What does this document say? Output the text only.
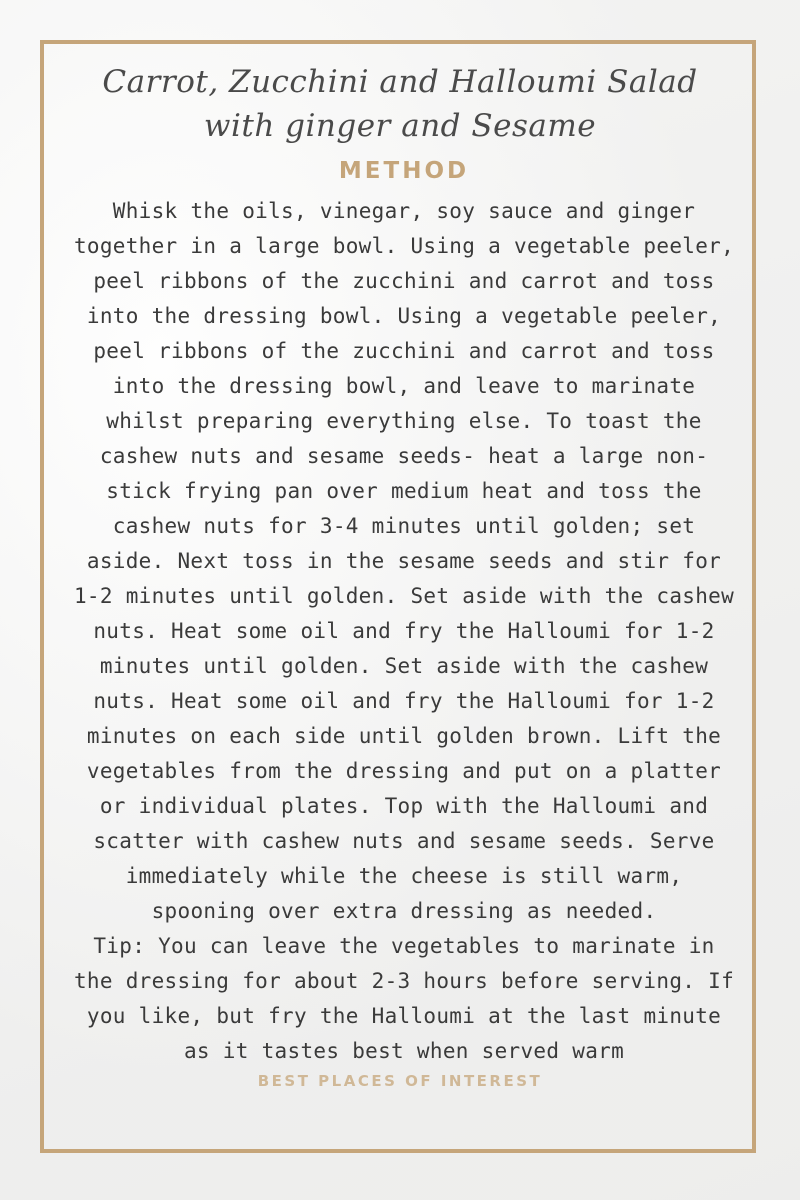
Carrot, Zucchini and Halloumi Salad
with ginger and Sesame
METHOD

Whisk the oils, vinegar, soy sauce and ginger together in a large bowl. Using a vegetable peeler, peel ribbons of the zucchini and carrot and toss into the dressing bowl. Using a vegetable peeler, peel ribbons of the zucchini and carrot and toss into the dressing bowl, and leave to marinate whilst preparing everything else. To toast the cashew nuts and sesame seeds- heat a large non-stick frying pan over medium heat and toss the cashew nuts for 3-4 minutes until golden; set aside. Next toss in the sesame seeds and stir for 1-2 minutes until golden. Set aside with the cashew nuts. Heat some oil and fry the Halloumi for 1-2 minutes until golden. Set aside with the cashew nuts. Heat some oil and fry the Halloumi for 1-2 minutes on each side until golden brown. Lift the vegetables from the dressing and put on a platter or individual plates. Top with the Halloumi and scatter with cashew nuts and sesame seeds. Serve immediately while the cheese is still warm, spooning over extra dressing as needed.

Tip: You can leave the vegetables to marinate in the dressing for about 2-3 hours before serving. If you like, but fry the Halloumi at the last minute as it tastes best when served warm

BEST PLACES OF INTEREST
